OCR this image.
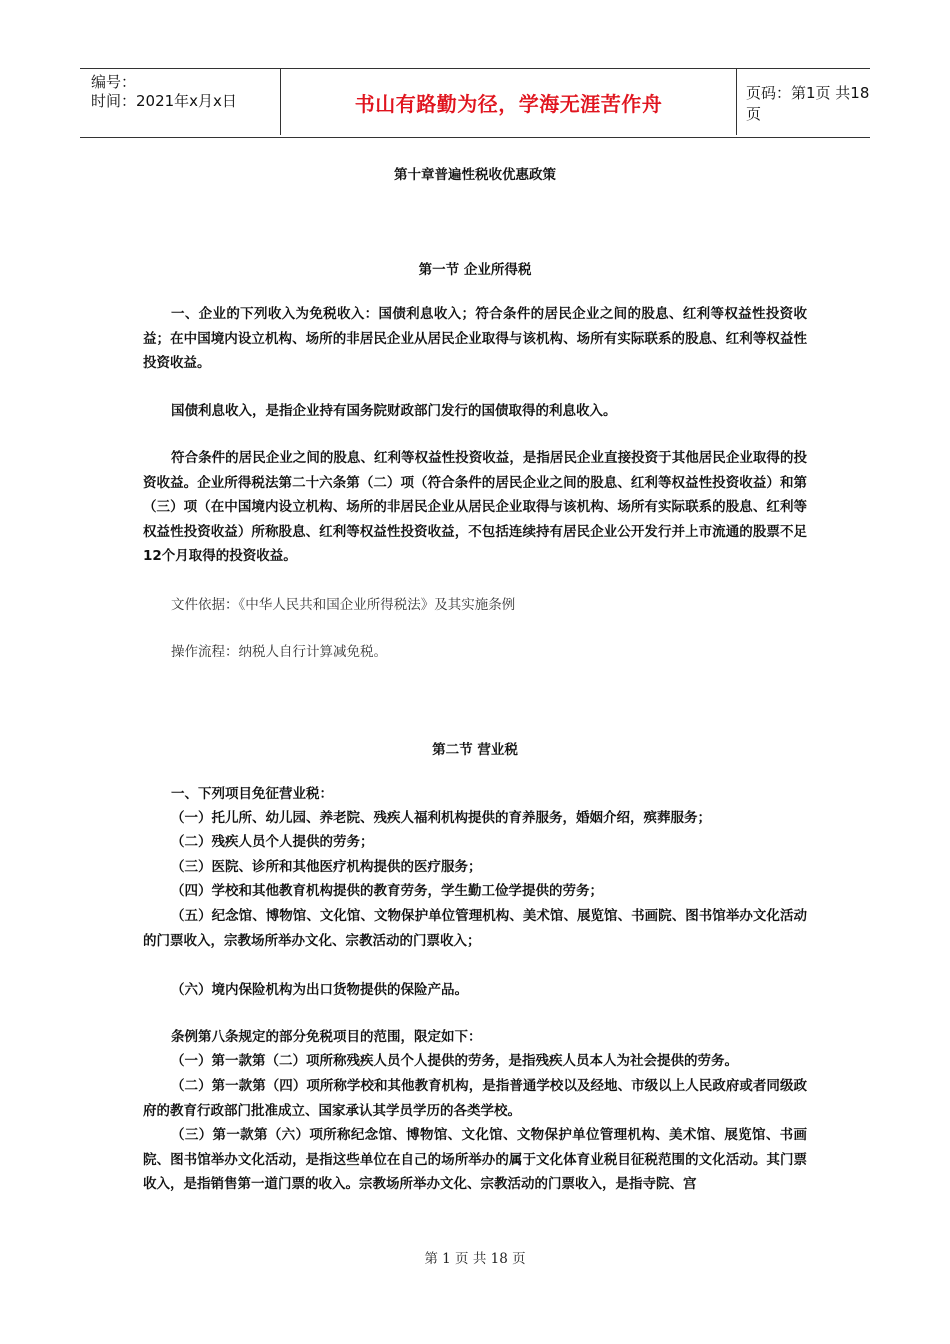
编号：
时间：2021年x月x日	书山有路勤为径，学海无涯苦作舟	页码：第1页 共18页
第十章普遍性税收优惠政策
第一节 企业所得税

一、企业的下列收入为免税收入：国债利息收入；符合条件的居民企业之间的股息、红利等权益性投资收益；在中国境内设立机构、场所的非居民企业从居民企业取得与该机构、场所有实际联系的股息、红利等权益性投资收益。

国债利息收入，是指企业持有国务院财政部门发行的国债取得的利息收入。

符合条件的居民企业之间的股息、红利等权益性投资收益，是指居民企业直接投资于其他居民企业取得的投资收益。企业所得税法第二十六条第（二）项（符合条件的居民企业之间的股息、红利等权益性投资收益）和第（三）项（在中国境内设立机构、场所的非居民企业从居民企业取得与该机构、场所有实际联系的股息、红利等权益性投资收益）所称股息、红利等权益性投资收益，不包括连续持有居民企业公开发行并上市流通的股票不足12个月取得的投资收益。

文件依据：《中华人民共和国企业所得税法》及其实施条例

操作流程：纳税人自行计算减免税。

第二节 营业税

一、下列项目免征营业税：

（一）托儿所、幼儿园、养老院、残疾人福利机构提供的育养服务，婚姻介绍，殡葬服务；

（二）残疾人员个人提供的劳务；

（三）医院、诊所和其他医疗机构提供的医疗服务；

（四）学校和其他教育机构提供的教育劳务，学生勤工俭学提供的劳务；

（五）纪念馆、博物馆、文化馆、文物保护单位管理机构、美术馆、展览馆、书画院、图书馆举办文化活动的门票收入，宗教场所举办文化、宗教活动的门票收入；

（六）境内保险机构为出口货物提供的保险产品。

条例第八条规定的部分免税项目的范围，限定如下：

（一）第一款第（二）项所称残疾人员个人提供的劳务，是指残疾人员本人为社会提供的劳务。

（二）第一款第（四）项所称学校和其他教育机构，是指普通学校以及经地、市级以上人民政府或者同级政府的教育行政部门批准成立、国家承认其学员学历的各类学校。

（三）第一款第（六）项所称纪念馆、博物馆、文化馆、文物保护单位管理机构、美术馆、展览馆、书画院、图书馆举办文化活动，是指这些单位在自己的场所举办的属于文化体育业税目征税范围的文化活动。其门票收入，是指销售第一道门票的收入。宗教场所举办文化、宗教活动的门票收入，是指寺院、宫

第 1 页 共 18 页
